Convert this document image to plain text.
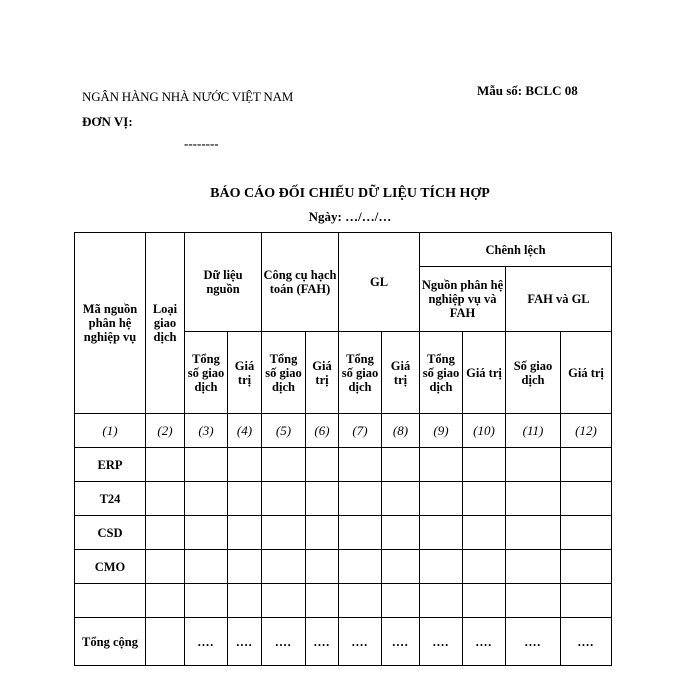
NGÂN HÀNG NHÀ NƯỚC VIỆT NAM
ĐƠN VỊ:
--------
Mẫu số: BCLC 08
BÁO CÁO ĐỐI CHIẾU DỮ LIỆU TÍCH HỢP
Ngày: …/…/…
Mã nguồn phân hệ nghiệp vụ	Loại giao dịch	Dữ liệu nguồn		Công cụ hạch toán (FAH)		GL		Chênh lệch			
								Nguồn phân hệ nghiệp vụ và FAH		FAH và GL	
		Tổng số giao dịch	Giá trị	Tổng số giao dịch	Giá trị	Tổng số giao dịch	Giá trị	Tổng số giao dịch	Giá trị	Số giao dịch	Giá trị
(1)	(2)	(3)	(4)	(5)	(6)	(7)	(8)	(9)	(10)	(11)	(12)
ERP											
T24											
CSD											
CMO											

Tổng cộng		....	....	....	....	....	....	....	....	....	....
